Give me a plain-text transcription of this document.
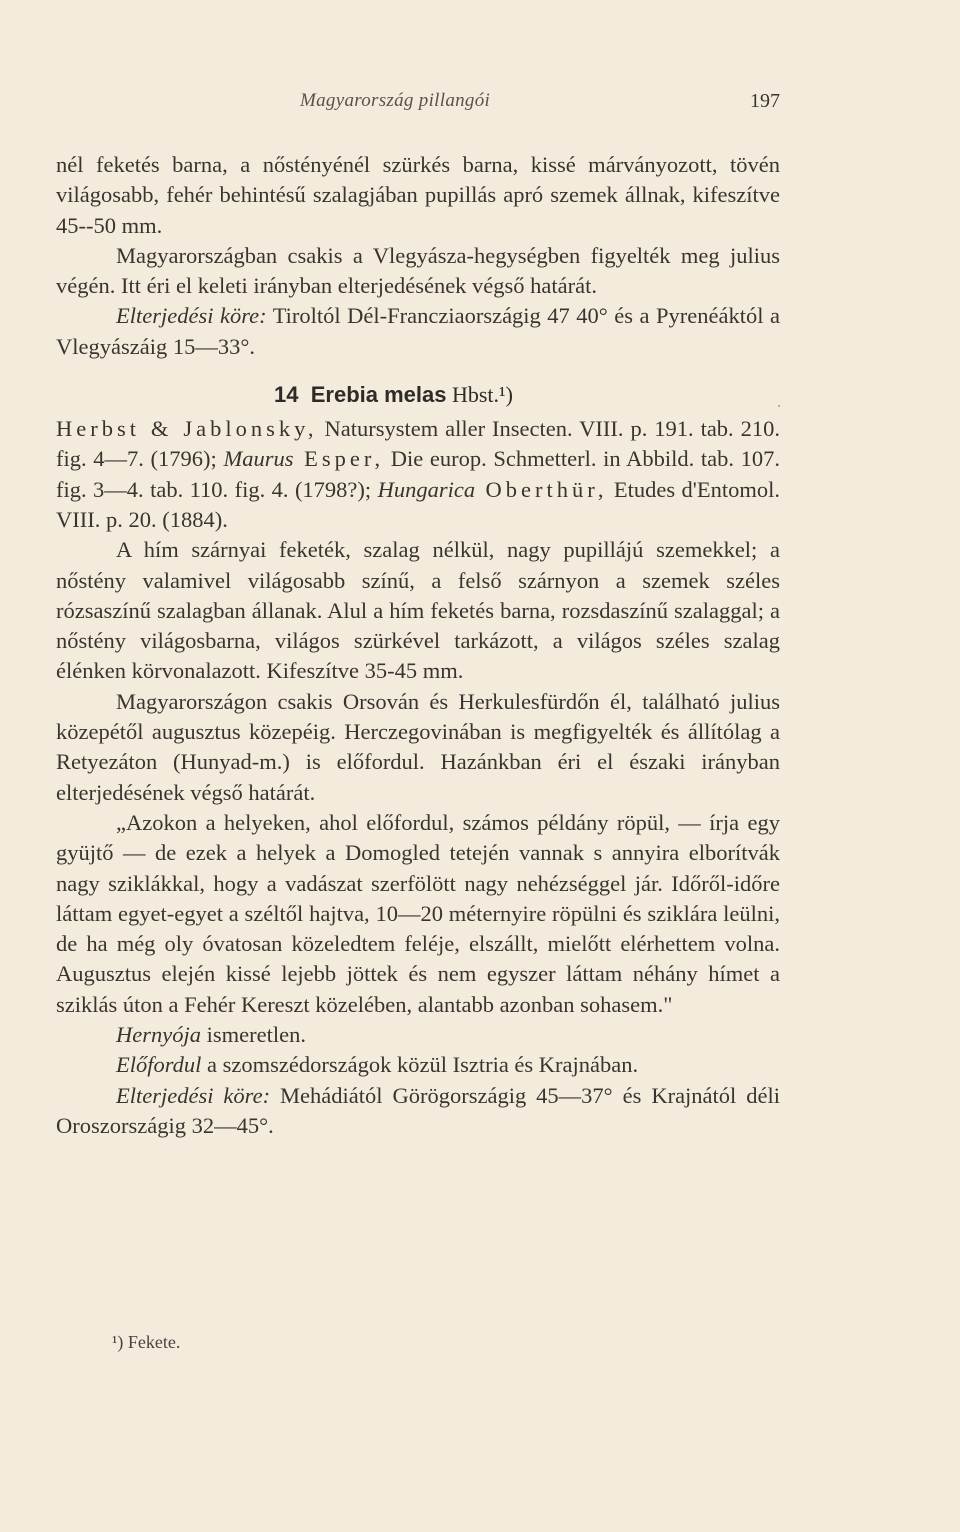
Magyarország pillangói	197

nél feketés barna, a nőstényénél szürkés barna, kissé márványozott, tövén világosabb, fehér behintésű szalagjában pupillás apró szemek állnak, kifeszítve 45--50 mm.

Magyarországban csakis a Vlegyásza-hegységben figyelték meg julius végén. Itt éri el keleti irányban elterjedésének végső határát.

Elterjedési köre: Tiroltól Dél-Francziaországig 47 40° és a Pyrenéáktól a Vlegyászáig 15—33°.

14 Erebia melas Hbst.¹)

Herbst & Jablonsky, Natursystem aller Insecten. VIII. p. 191. tab. 210. fig. 4—7. (1796); Maurus Esper, Die europ. Schmetterl. in Abbild. tab. 107. fig. 3—4. tab. 110. fig. 4. (1798?); Hungarica Oberthür, Etudes d'Entomol. VIII. p. 20. (1884).

A hím szárnyai feketék, szalag nélkül, nagy pupillájú szemekkel; a nőstény valamivel világosabb színű, a felső szárnyon a szemek széles rózsaszínű szalagban állanak. Alul a hím feketés barna, rozsdaszínű szalaggal; a nőstény világosbarna, világos szürkével tarkázott, a világos széles szalag élénken körvonalazott. Kifeszítve 35-45 mm.

Magyarországon csakis Orsován és Herkulesfürdőn él, található julius közepétől augusztus közepéig. Herczegovinában is megfigyelték és állítólag a Retyezáton (Hunyad-m.) is előfordul. Hazánkban éri el északi irányban elterjedésének végső határát.

„Azokon a helyeken, ahol előfordul, számos példány röpül, — írja egy gyüjtő — de ezek a helyek a Domogled tetején vannak s annyira elborítvák nagy sziklákkal, hogy a vadászat szerfölött nagy nehézséggel jár. Időről-időre láttam egyet-egyet a széltől hajtva, 10—20 méternyire röpülni és sziklára leülni, de ha még oly óvatosan közeledtem feléje, elszállt, mielőtt elérhettem volna. Augusztus elején kissé lejebb jöttek és nem egyszer láttam néhány hímet a sziklás úton a Fehér Kereszt közelében, alantabb azonban sohasem."

Hernyója ismeretlen.

Előfordul a szomszédországok közül Isztria és Krajnában.

Elterjedési köre: Mehádiától Görögországig 45—37° és Krajnától déli Oroszországig 32—45°.

¹) Fekete.
